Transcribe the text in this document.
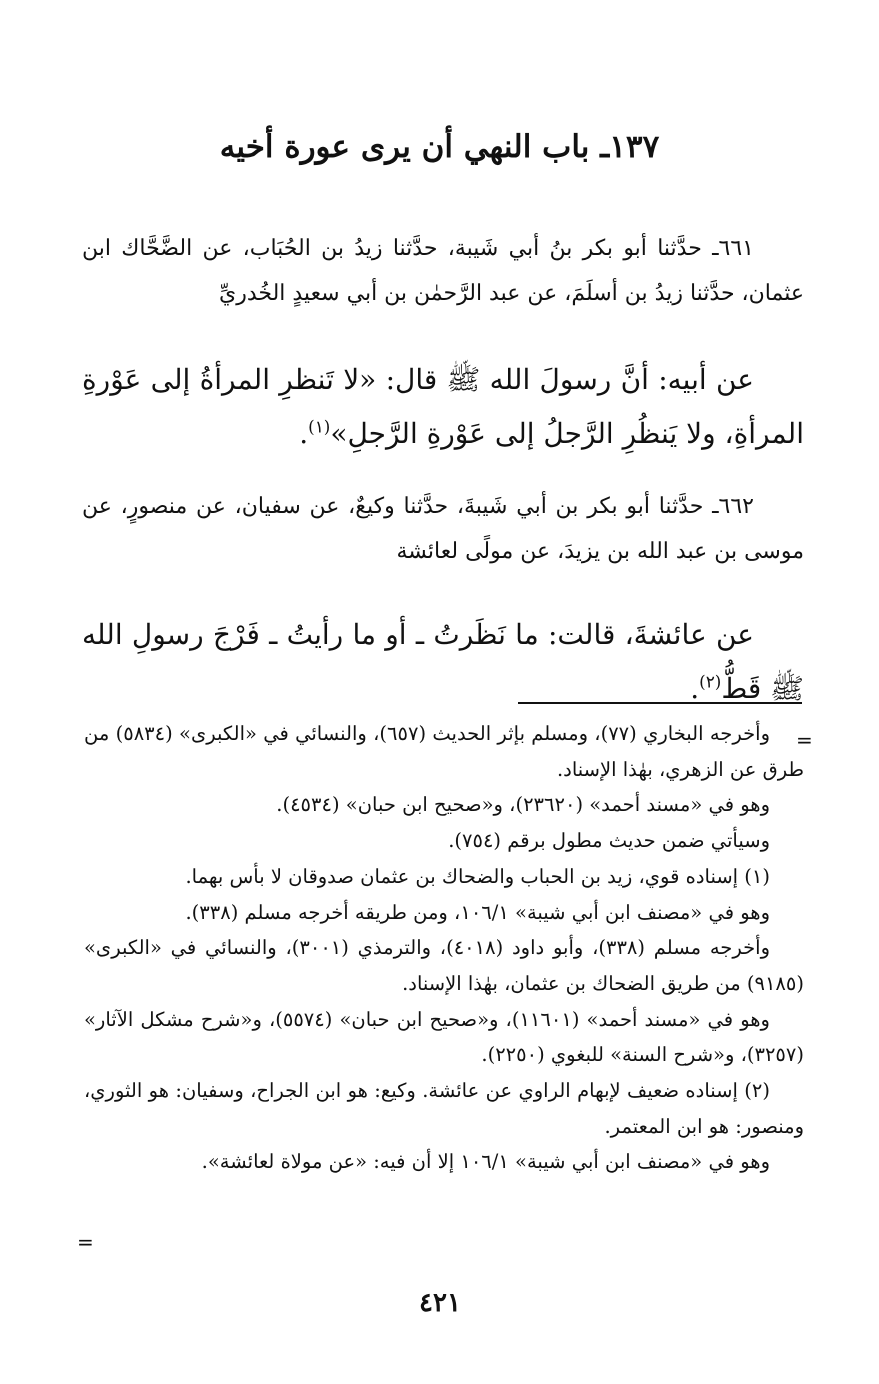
١٣٧ـ باب النهي أن يرى عورة أخيه

٦٦١ـ حدَّثنا أبو بكر بنُ أبي شَيبة، حدَّثنا زيدُ بن الحُبَاب، عن الضَّحَّاك ابن عثمان، حدَّثنا زيدُ بن أسلَمَ، عن عبد الرَّحمٰن بن أبي سعيدٍ الخُدريِّ

عن أبيه: أنَّ رسولَ الله ﷺ قال: «لا تَنظرِ المرأةُ إلى عَوْرةِ المرأةِ، ولا يَنظُرِ الرَّجلُ إلى عَوْرةِ الرَّجلِ»$^{(١)}$.

٦٦٢ـ حدَّثنا أبو بكر بن أبي شَيبةَ، حدَّثنا وكيعٌ، عن سفيان، عن منصورٍ، عن موسى بن عبد الله بن يزيدَ، عن مولًى لعائشة

عن عائشةَ، قالت: ما نَظَرتُ ـ أو ما رأيتُ ـ فَرْجَ رسولِ الله ﷺ قَطُّ$^{(٢)}$.

=

وأخرجه البخاري (٧٧)، ومسلم بإثر الحديث (٦٥٧)، والنسائي في «الكبرى» (٥٨٣٤) من طرق عن الزهري، بهٰذا الإسناد.

وهو في «مسند أحمد» (٢٣٦٢٠)، و«صحيح ابن حبان» (٤٥٣٤).

وسيأتي ضمن حديث مطول برقم (٧٥٤).

(١) إسناده قوي، زيد بن الحباب والضحاك بن عثمان صدوقان لا بأس بهما.

وهو في «مصنف ابن أبي شيبة» ١٠٦/١، ومن طريقه أخرجه مسلم (٣٣٨).

وأخرجه مسلم (٣٣٨)، وأبو داود (٤٠١٨)، والترمذي (٣٠٠١)، والنسائي في «الكبرى» (٩١٨٥) من طريق الضحاك بن عثمان، بهٰذا الإسناد.

وهو في «مسند أحمد» (١١٦٠١)، و«صحيح ابن حبان» (٥٥٧٤)، و«شرح مشكل الآثار» (٣٢٥٧)، و«شرح السنة» للبغوي (٢٢٥٠).

(٢) إسناده ضعيف لإبهام الراوي عن عائشة. وكيع: هو ابن الجراح، وسفيان: هو الثوري، ومنصور: هو ابن المعتمر.

وهو في «مصنف ابن أبي شيبة» ١٠٦/١ إلا أن فيه: «عن مولاة لعائشة».

=
٤٢١
